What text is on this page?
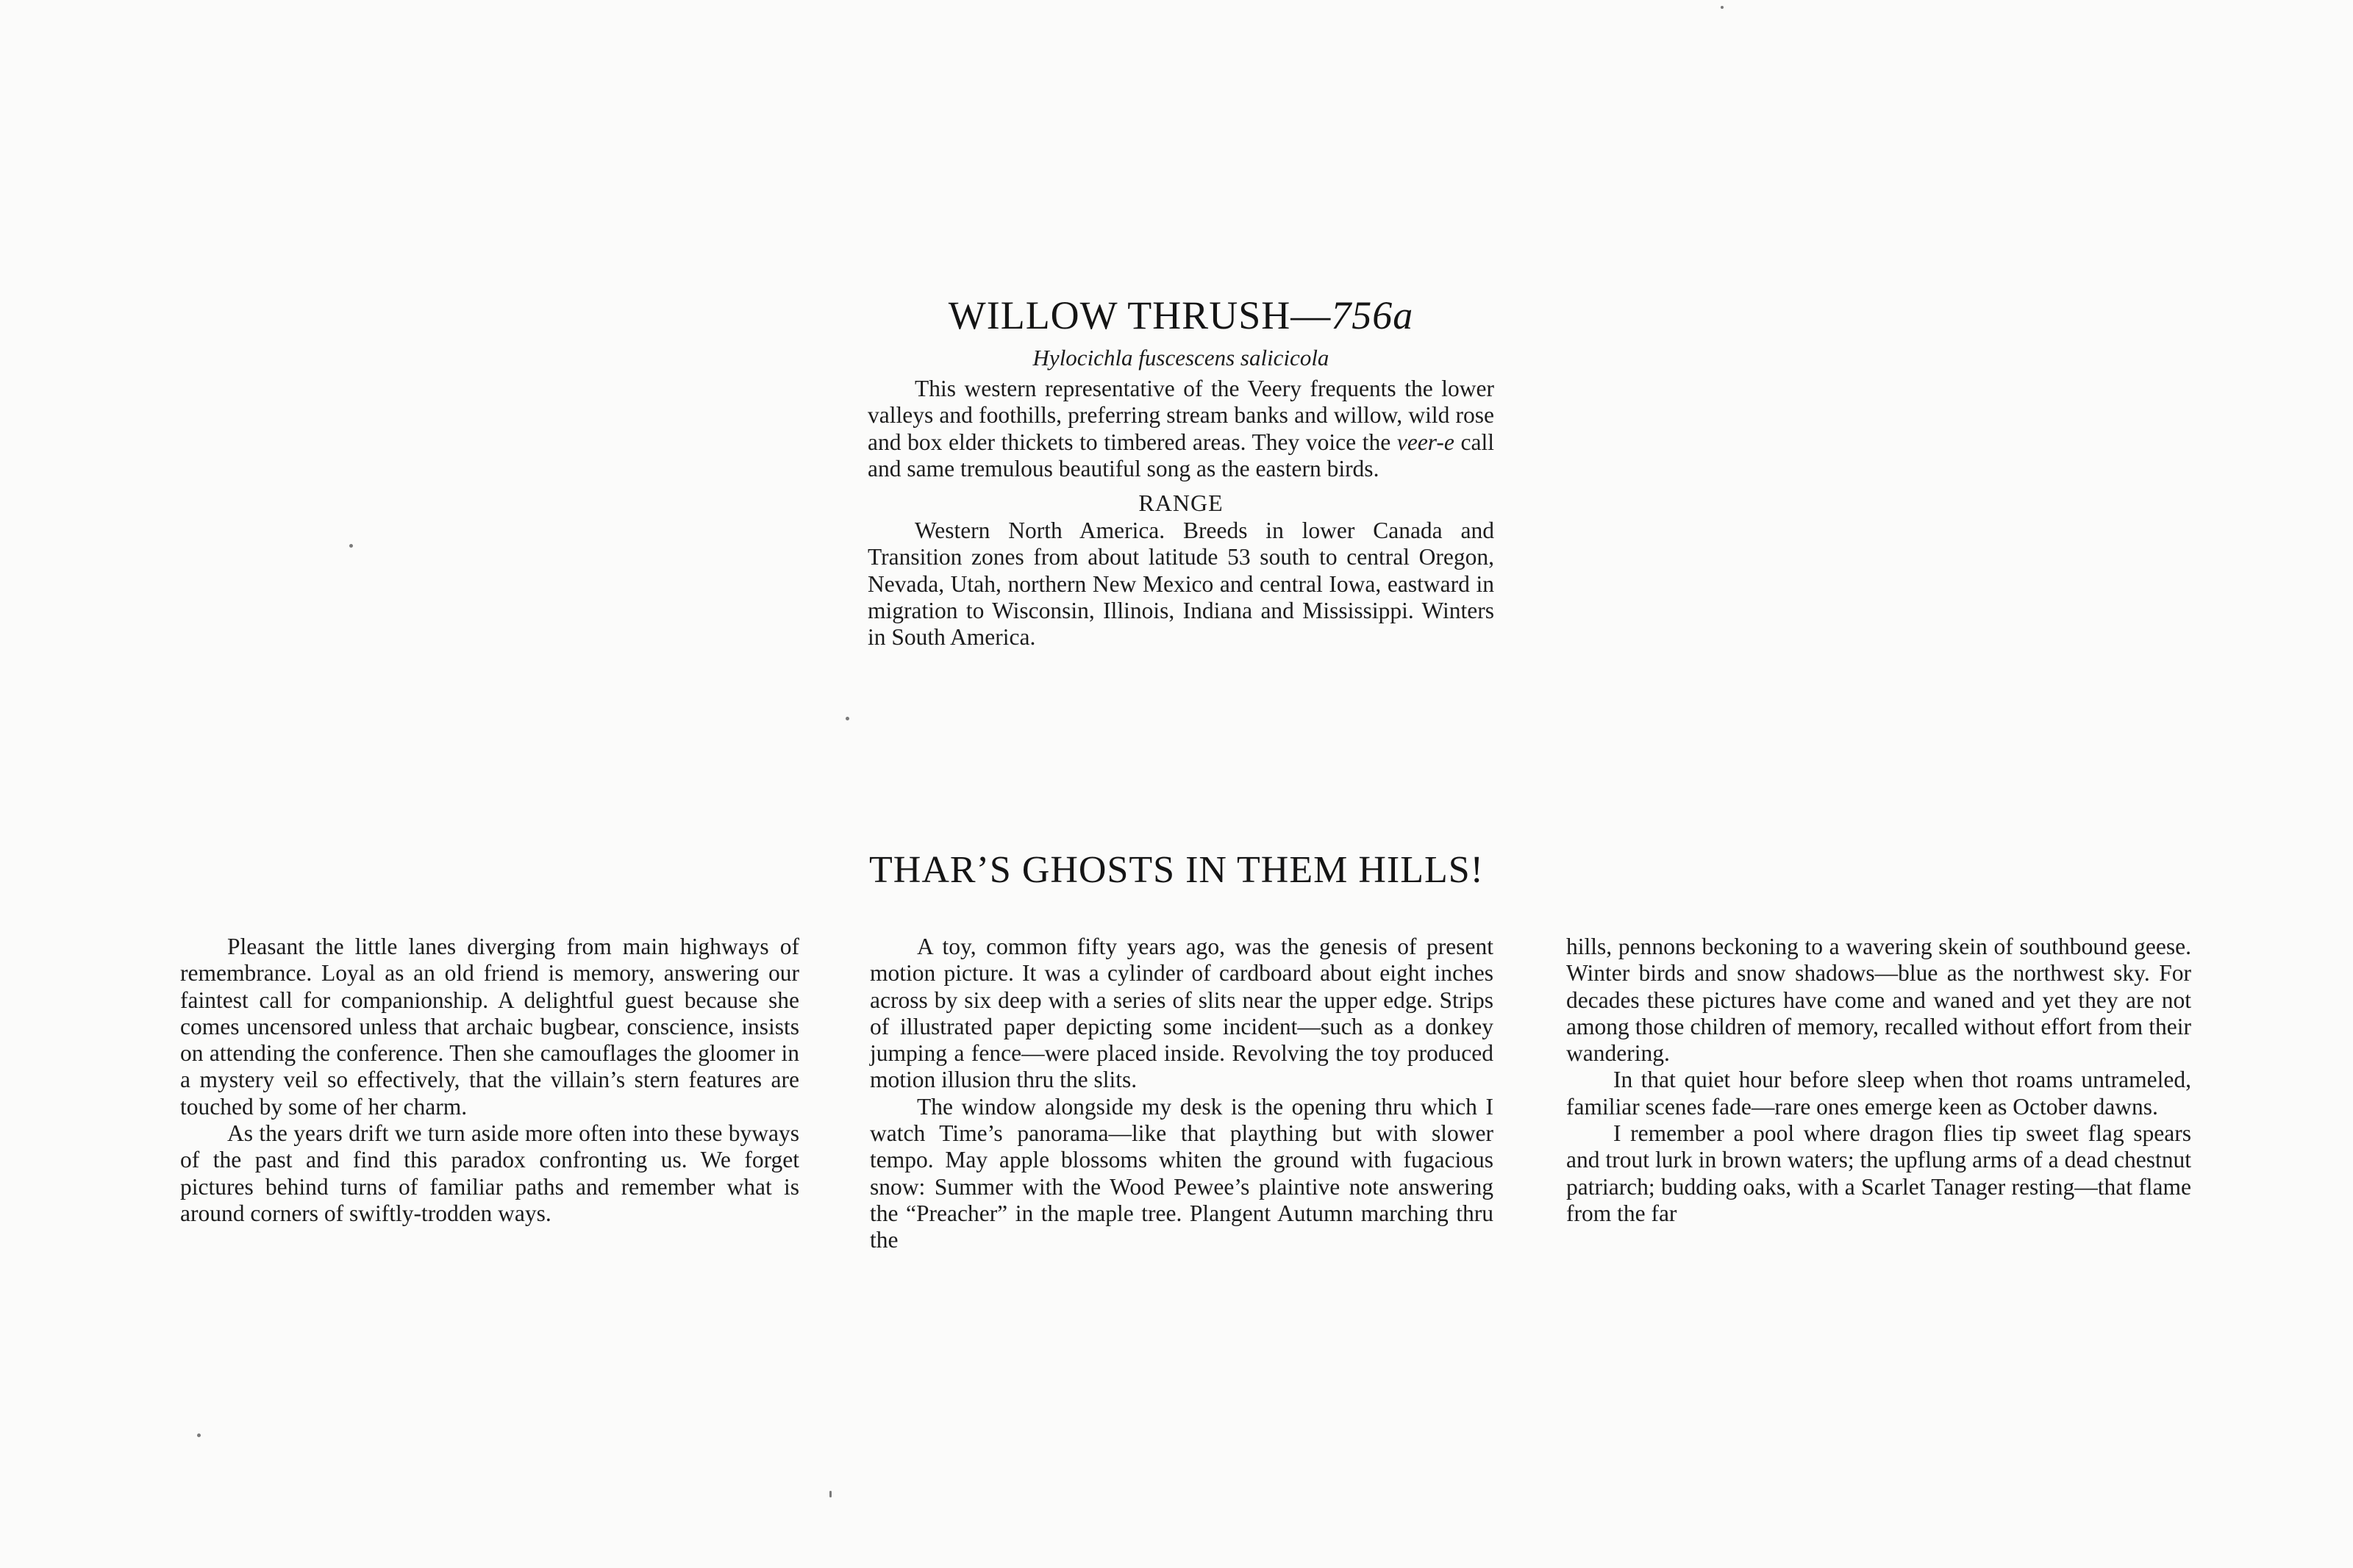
WILLOW THRUSH—756a

Hylocichla fuscescens salicicola

This western representative of the Veery frequents the lower valleys and foothills, preferring stream banks and willow, wild rose and box elder thickets to timbered areas. They voice the veer-e call and same tremulous beautiful song as the eastern birds.

RANGE

Western North America. Breeds in lower Canada and Transition zones from about latitude 53 south to central Oregon, Nevada, Utah, northern New Mexico and central Iowa, eastward in migration to Wisconsin, Illinois, Indiana and Mississippi. Winters in South America.

THAR’S GHOSTS IN THEM HILLS!

Pleasant the little lanes diverging from main highways of remembrance. Loyal as an old friend is memory, answering our faintest call for companionship. A delightful guest because she comes uncensored unless that archaic bugbear, conscience, insists on attending the conference. Then she camouflages the gloomer in a mystery veil so effectively, that the villain’s stern features are touched by some of her charm.

As the years drift we turn aside more often into these byways of the past and find this paradox confronting us. We forget pictures behind turns of familiar paths and remember what is around corners of swiftly-trodden ways.

A toy, common fifty years ago, was the genesis of present motion picture. It was a cylinder of cardboard about eight inches across by six deep with a series of slits near the upper edge. Strips of illustrated paper depicting some incident—such as a donkey jumping a fence—were placed inside. Revolving the toy produced motion illusion thru the slits.

The window alongside my desk is the opening thru which I watch Time’s panorama—like that plaything but with slower tempo. May apple blossoms whiten the ground with fugacious snow: Summer with the Wood Pewee’s plaintive note answering the “Preacher” in the maple tree. Plangent Autumn marching thru the

hills, pennons beckoning to a wavering skein of southbound geese. Winter birds and snow shadows—blue as the northwest sky. For decades these pictures have come and waned and yet they are not among those children of memory, recalled without effort from their wandering.

In that quiet hour before sleep when thot roams untrameled, familiar scenes fade—rare ones emerge keen as October dawns.

I remember a pool where dragon flies tip sweet flag spears and trout lurk in brown waters; the upflung arms of a dead chestnut patriarch; budding oaks, with a Scarlet Tanager resting—that flame from the far
